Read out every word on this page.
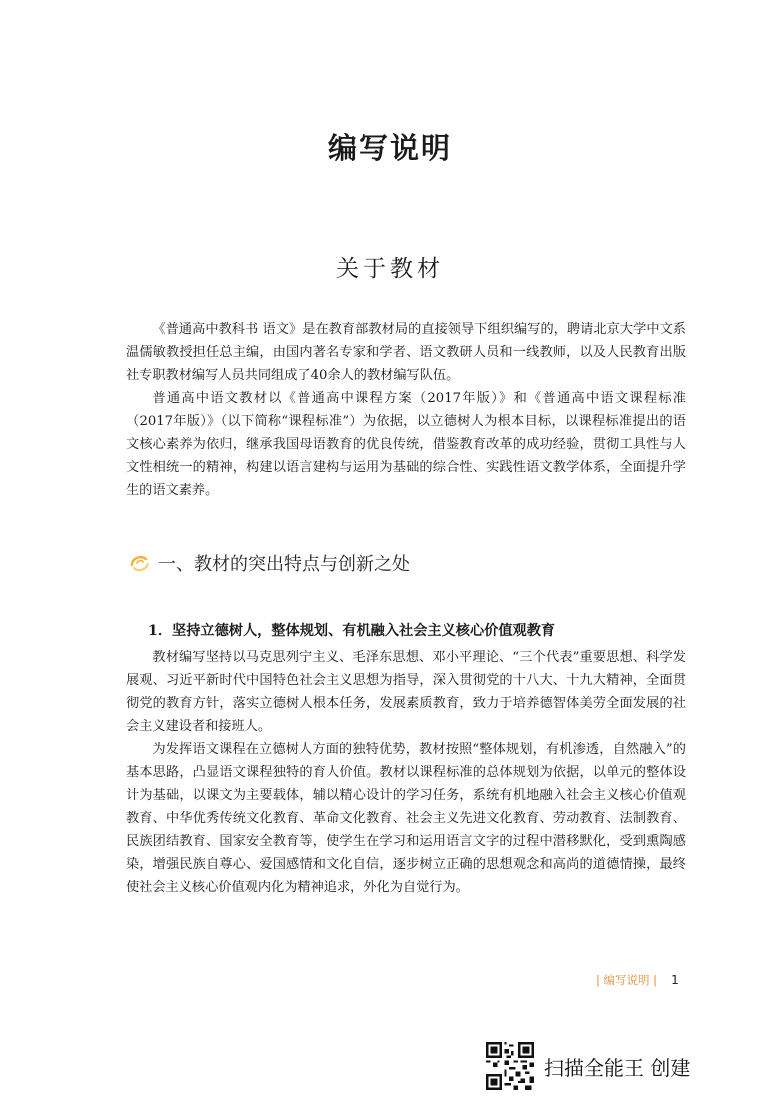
编写说明
关于教材

《普通高中教科书 语文》是在教育部教材局的直接领导下组织编写的，聘请北京大学中文系温儒敏教授担任总主编，由国内著名专家和学者、语文教研人员和一线教师，以及人民教育出版社专职教材编写人员共同组成了40余人的教材编写队伍。

普通高中语文教材以《普通高中课程方案（2017年版）》和《普通高中语文课程标准（2017年版）》（以下简称“课程标准”）为依据，以立德树人为根本目标，以课程标准提出的语文核心素养为依归，继承我国母语教育的优良传统，借鉴教育改革的成功经验，贯彻工具性与人文性相统一的精神，构建以语言建构与运用为基础的综合性、实践性语文教学体系，全面提升学生的语文素养。

一、教材的突出特点与创新之处
1．坚持立德树人，整体规划、有机融入社会主义核心价值观教育

教材编写坚持以马克思列宁主义、毛泽东思想、邓小平理论、“三个代表”重要思想、科学发展观、习近平新时代中国特色社会主义思想为指导，深入贯彻党的十八大、十九大精神，全面贯彻党的教育方针，落实立德树人根本任务，发展素质教育，致力于培养德智体美劳全面发展的社会主义建设者和接班人。

为发挥语文课程在立德树人方面的独特优势，教材按照“整体规划，有机渗透，自然融入”的基本思路，凸显语文课程独特的育人价值。教材以课程标准的总体规划为依据，以单元的整体设计为基础，以课文为主要载体，辅以精心设计的学习任务，系统有机地融入社会主义核心价值观教育、中华优秀传统文化教育、革命文化教育、社会主义先进文化教育、劳动教育、法制教育、民族团结教育、国家安全教育等，使学生在学习和运用语言文字的过程中潜移默化，受到熏陶感染，增强民族自尊心、爱国感情和文化自信，逐步树立正确的思想观念和高尚的道德情操，最终使社会主义核心价值观内化为精神追求，外化为自觉行为。

| 编写说明 | 1
扫描全能王 创建
